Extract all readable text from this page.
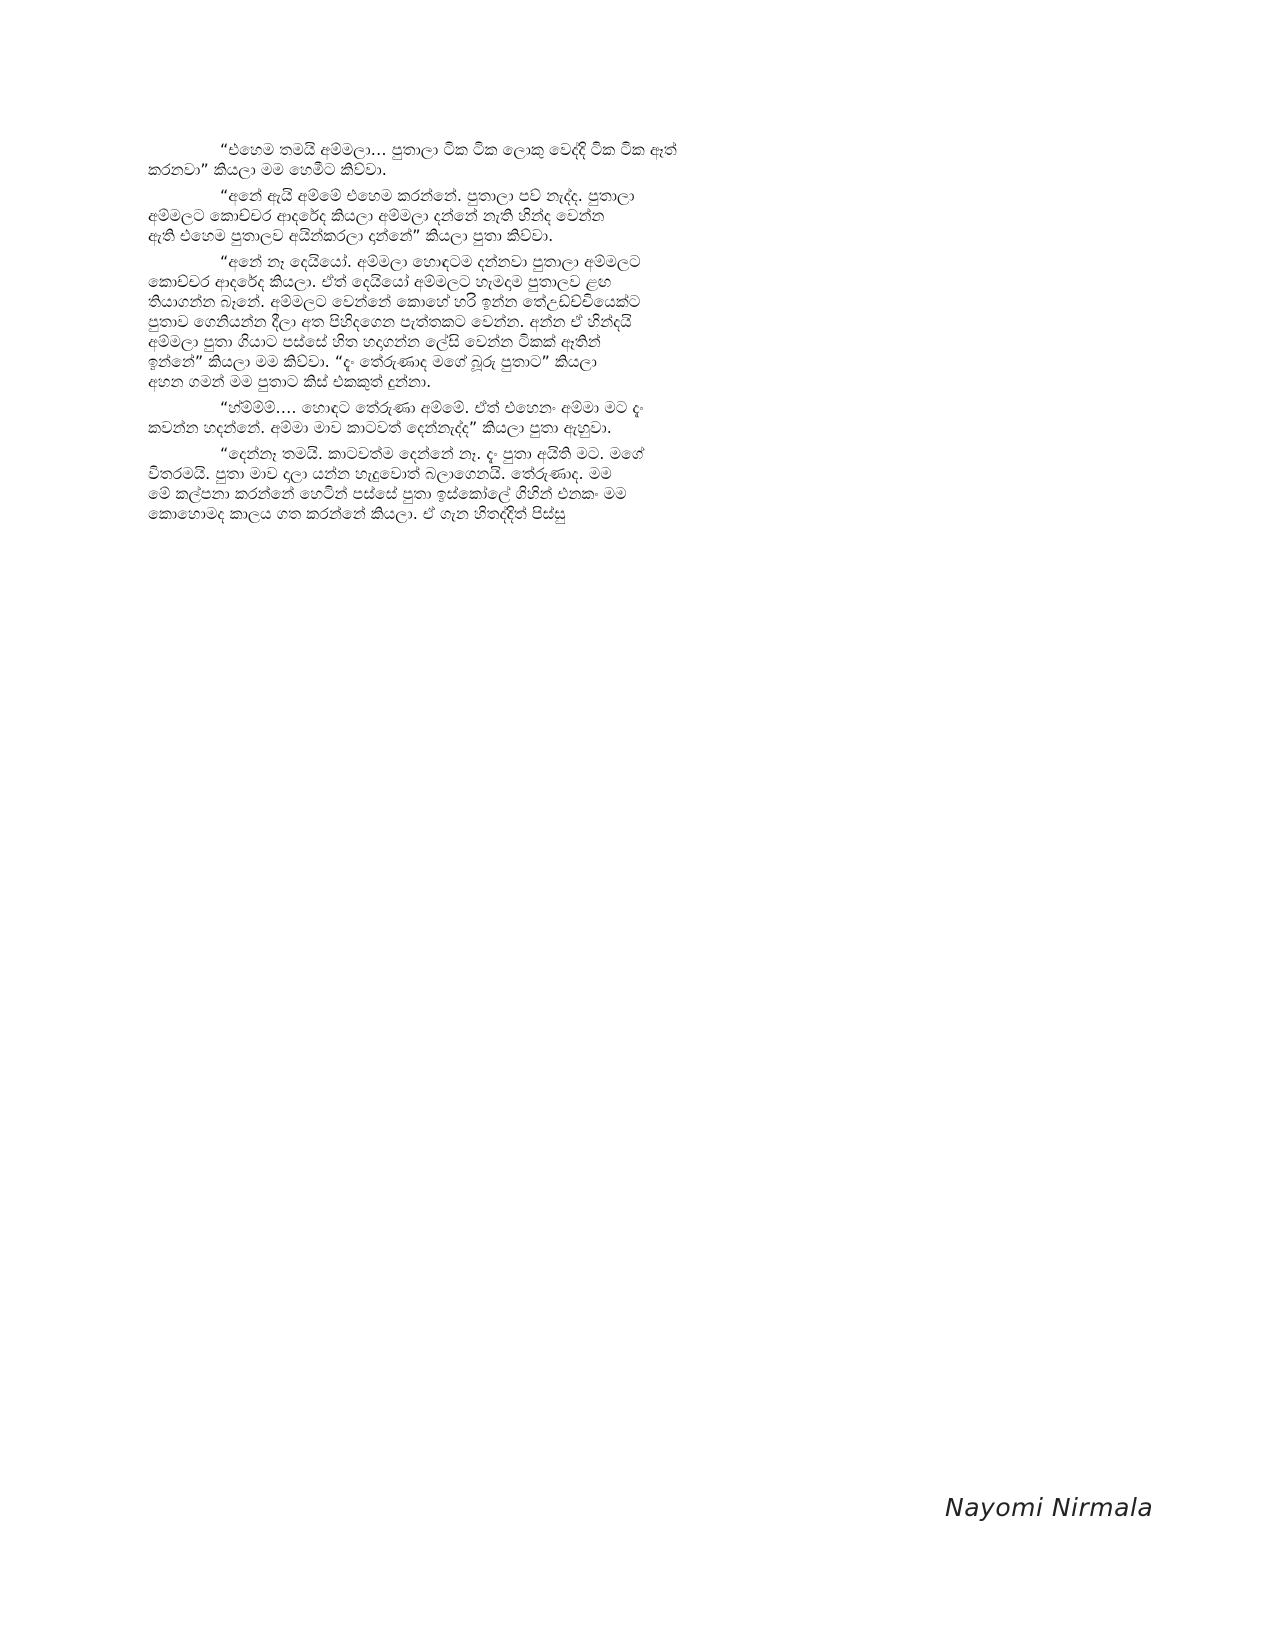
“එහෙම තමයි අම්මලා… පුතාලා ටික ටික ලොකු වෙද්දි ටික ටික ඈත්
කරනවා” කියලා මම හෙමීට කිව්වා.
“අනේ ඇයි අම්මේ එහෙම කරන්නේ. පුතාලා පව් නැද්ද. පුතාලා
අම්මලට කොච්චර ආදරේද කියලා අම්මලා දන්නේ නැති හින්ද වෙන්න
ඇති එහෙම පුතාලව අයින්කරලා දාන්නේ” කියලා පුතා කිව්වා.
“අනේ නෑ දෙයියෝ. අම්මලා හොඳටම දන්නවා පුතාලා අම්මලට
කොච්චර ආදරේද කියලා. ඒත් දෙයියෝ අම්මලට හැමදාම පුතාලව ළඟ
තියාගන්න බෑනේ. අම්මලට වෙන්නේ කොහේ හරි ඉන්න තේඋඩ්ච්චියෙක්ට
පුතාව ගෙනියන්න දීලා අත පිහිදගෙන පැත්තකට වෙන්න. අන්න ඒ හින්දයි
අම්මලා පුතා ගියාට පස්සේ හිත හදාගන්න ලේසි වෙන්න ටිකක් ඈතින්
ඉන්නේ” කියලා මම කිව්වා. “දැං තේරුණාද මගේ බූරු පුතාට” කියලා
අහන ගමන් මම පුතාට කිස් එකකුත් දුන්නා.
“හ්ම්ම්ම්…. හොඳට තේරුණා අම්මේ. ඒත් එහෙනං අම්මා මට දැං
කවන්න හදන්නේ. අම්මා මාව කාටවත් දෙන්නැද්ද” කියලා පුතා ඇහුවා.
“දෙන්නෑ තමයි. කාටවත්ම දෙන්නේ නෑ. දැං පුතා අයිති මට. මගේ
විතරමයි. පුතා මාව දාලා යන්න හැදුවොත් බලාගෙනයි. තේරුණාද. මම
මේ කල්පනා කරන්නේ හෙටින් පස්සේ පුතා ඉස්කෝලේ ගිහින් එනකං මම
කොහොමද කාලය ගත කරන්නේ කියලා. ඒ ගැන හිතද්දිත් පිස්සු
Nayomi Nirmala
